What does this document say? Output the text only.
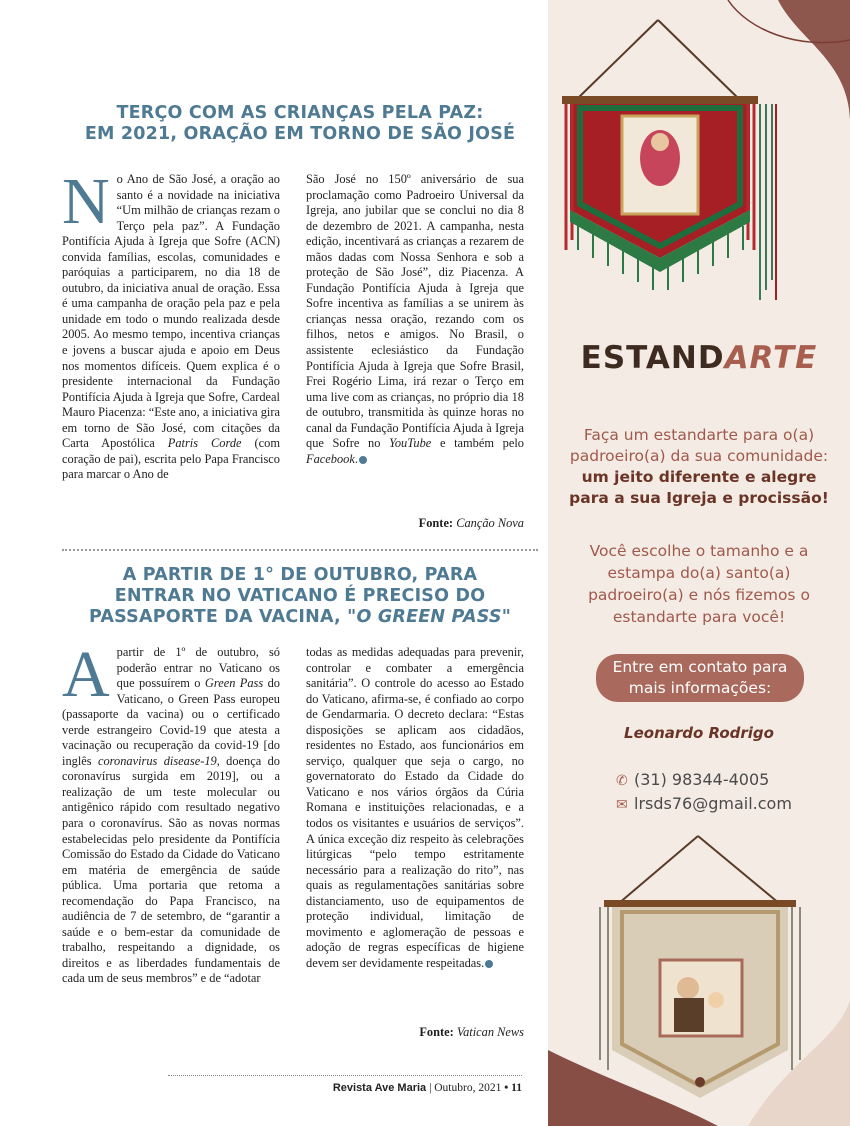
TERÇO COM AS CRIANÇAS PELA PAZ:
EM 2021, ORAÇÃO EM TORNO DE SÃO JOSÉ
No Ano de São José, a oração ao santo é a novidade na iniciativa “Um milhão de crianças rezam o Terço pela paz”. A Fundação Pontifícia Ajuda à Igreja que Sofre (ACN) convida famílias, escolas, comunidades e paróquias a participarem, no dia 18 de outubro, da iniciativa anual de oração. Essa é uma campanha de oração pela paz e pela unidade em todo o mundo realizada desde 2005. Ao mesmo tempo, incentiva crianças e jovens a buscar ajuda e apoio em Deus nos momentos difíceis. Quem explica é o presidente internacional da Fundação Pontifícia Ajuda à Igreja que Sofre, Cardeal Mauro Piacenza: “Este ano, a iniciativa gira em torno de São José, com citações da Carta Apostólica Patris Corde (com coração de pai), escrita pelo Papa Francisco para marcar o Ano de
São José no 150º aniversário de sua proclamação como Padroeiro Universal da Igreja, ano jubilar que se conclui no dia 8 de dezembro de 2021. A campanha, nesta edição, incentivará as crianças a rezarem de mãos dadas com Nossa Senhora e sob a proteção de São José”, diz Piacenza. A Fundação Pontifícia Ajuda à Igreja que Sofre incentiva as famílias a se unirem às crianças nessa oração, rezando com os filhos, netos e amigos. No Brasil, o assistente eclesiástico da Fundação Pontifícia Ajuda à Igreja que Sofre Brasil, Frei Rogério Lima, irá rezar o Terço em uma live com as crianças, no próprio dia 18 de outubro, transmitida às quinze horas no canal da Fundação Pontifícia Ajuda à Igreja que Sofre no YouTube e também pelo Facebook.
Fonte: Canção Nova
A PARTIR DE 1° DE OUTUBRO, PARA
ENTRAR NO VATICANO É PRECISO DO
PASSAPORTE DA VACINA, "O GREEN PASS"
Apartir de 1º de outubro, só poderão entrar no Vaticano os que possuírem o Green Pass do Vaticano, o Green Pass europeu (passaporte da vacina) ou o certificado verde estrangeiro Covid-19 que atesta a vacinação ou recuperação da covid-19 [do inglês coronavirus disease-19, doença do coronavírus surgida em 2019], ou a realização de um teste molecular ou antigênico rápido com resultado negativo para o coronavírus. São as novas normas estabelecidas pelo presidente da Pontifícia Comissão do Estado da Cidade do Vaticano em matéria de emergência de saúde pública. Uma portaria que retoma a recomendação do Papa Francisco, na audiência de 7 de setembro, de “garantir a saúde e o bem-estar da comunidade de trabalho, respeitando a dignidade, os direitos e as liberdades fundamentais de cada um de seus membros” e de “adotar
todas as medidas adequadas para prevenir, controlar e combater a emergência sanitária”. O controle do acesso ao Estado do Vaticano, afirma-se, é confiado ao corpo de Gendarmaria. O decreto declara: “Estas disposições se aplicam aos cidadãos, residentes no Estado, aos funcionários em serviço, qualquer que seja o cargo, no governatorato do Estado da Cidade do Vaticano e nos vários órgãos da Cúria Romana e instituições relacionadas, e a todos os visitantes e usuários de serviços”. A única exceção diz respeito às celebrações litúrgicas “pelo tempo estritamente necessário para a realização do rito”, nas quais as regulamentações sanitárias sobre distanciamento, uso de equipamentos de proteção individual, limitação de movimento e aglomeração de pessoas e adoção de regras específicas de higiene devem ser devidamente respeitadas.
Fonte: Vatican News
Revista Ave Maria | Outubro, 2021 • 11
ESTANDARTE
Faça um estandarte para o(a)
padroeiro(a) da sua comunidade:
um jeito diferente e alegre
para a sua Igreja e procissão!
Você escolhe o tamanho e a estampa do(a) santo(a) padroeiro(a) e nós fizemos o estandarte para você!
Entre em contato para
mais informações:
Leonardo Rodrigo
✆ (31) 98344-4005
✉ lrsds76@gmail.com
